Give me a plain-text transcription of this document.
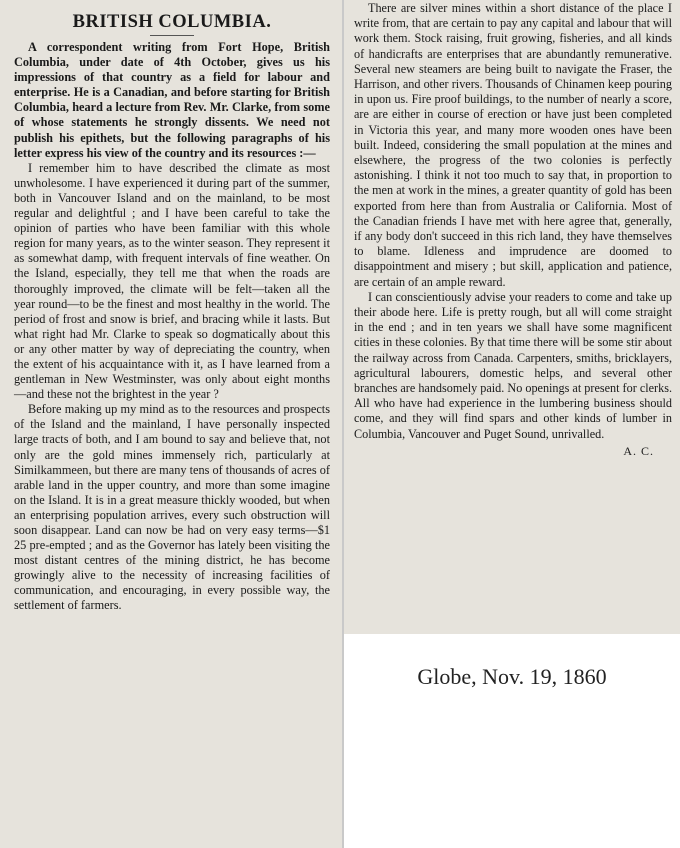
BRITISH COLUMBIA.

A correspondent writing from Fort Hope, British Columbia, under date of 4th October, gives us his impressions of that country as a field for labour and enterprise. He is a Canadian, and before starting for British Columbia, heard a lecture from Rev. Mr. Clarke, from some of whose statements he strongly dissents. We need not publish his epithets, but the following paragraphs of his letter express his view of the country and its resources :—

I remember him to have described the climate as most unwholesome. I have experienced it during part of the summer, both in Vancouver Island and on the mainland, to be most regular and delightful ; and I have been careful to take the opinion of parties who have been familiar with this whole region for many years, as to the winter season. They represent it as somewhat damp, with frequent intervals of fine weather. On the Island, especially, they tell me that when the roads are thoroughly improved, the climate will be felt—taken all the year round—to be the finest and most healthy in the world. The period of frost and snow is brief, and bracing while it lasts. But what right had Mr. Clarke to speak so dogmatically about this or any other matter by way of depreciating the country, when the extent of his acquaintance with it, as I have learned from a gentleman in New Westminster, was only about eight months —and these not the brightest in the year ?

Before making up my mind as to the resources and prospects of the Island and the mainland, I have personally inspected large tracts of both, and I am bound to say and believe that, not only are the gold mines immensely rich, particularly at Similkammeen, but there are many tens of thousands of acres of arable land in the upper country, and more than some imagine on the Island. It is in a great measure thickly wooded, but when an enterprising population arrives, every such obstruction will soon disappear. Land can now be had on very easy terms—$1 25 pre-empted ; and as the Governor has lately been visiting the most distant centres of the mining district, he has become growingly alive to the necessity of increasing facilities of communication, and encouraging, in every possible way, the settlement of farmers.

There are silver mines within a short distance of the place I write from, that are certain to pay any capital and labour that will work them. Stock raising, fruit growing, fisheries, and all kinds of handicrafts are enterprises that are abundantly remunerative. Several new steamers are being built to navigate the Fraser, the Harrison, and other rivers. Thousands of Chinamen keep pouring in upon us. Fire proof buildings, to the number of nearly a score, are are either in course of erection or have just been completed in Victoria this year, and many more wooden ones have been built. Indeed, considering the small population at the mines and elsewhere, the progress of the two colonies is perfectly astonishing. I think it not too much to say that, in proportion to the men at work in the mines, a greater quantity of gold has been exported from here than from Australia or California. Most of the Canadian friends I have met with here agree that, generally, if any body don't succeed in this rich land, they have themselves to blame. Idleness and imprudence are doomed to disappointment and misery ; but skill, application and patience, are certain of an ample reward.

I can conscientiously advise your readers to come and take up their abode here. Life is pretty rough, but all will come straight in the end ; and in ten years we shall have some magnificent cities in these colonies. By that time there will be some stir about the railway across from Canada. Carpenters, smiths, bricklayers, agricultural labourers, domestic helps, and several other branches are handsomely paid. No openings at present for clerks. All who have had experience in the lumbering business should come, and they will find spars and other kinds of lumber in Columbia, Vancouver and Puget Sound, unrivalled.

A. C.
Globe, Nov. 19, 1860
